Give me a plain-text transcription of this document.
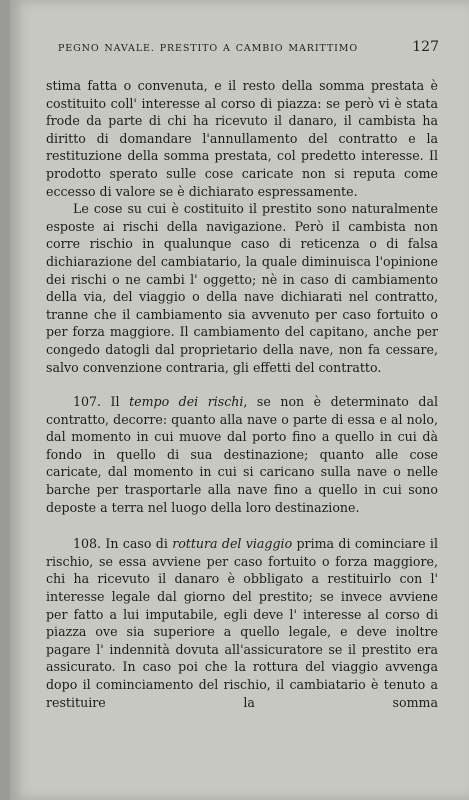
PEGNO NAVALE. PRESTITO A CAMBIO MARITTIMO	127

stima fatta o convenuta, e il resto della somma prestata è costituito coll' interesse al corso di piazza: se però vi è stata frode da parte di chi ha ricevuto il danaro, il cambista ha diritto di domandare l'annullamento del contratto e la restituzione della somma prestata, col predetto interesse. Il prodotto sperato sulle cose caricate non si reputa come eccesso di valore se è dichiarato espressamente.

Le cose su cui è costituito il prestito sono naturalmente esposte ai rischi della navigazione. Però il cambista non corre rischio in qualunque caso di reticenza o di falsa dichiarazione del cambiatario, la quale diminuisca l'opinione dei rischi o ne cambi l' oggetto; nè in caso di cambiamento della via, del viaggio o della nave dichiarati nel contratto, tranne che il cambiamento sia avvenuto per caso fortuito o per forza maggiore. Il cambiamento del capitano, anche per congedo datogli dal proprietario della nave, non fa cessare, salvo convenzione contraria, gli effetti del contratto.

107. Il tempo dei rischi, se non è determinato dal contratto, decorre: quanto alla nave o parte di essa e al nolo, dal momento in cui muove dal porto fino a quello in cui dà fondo in quello di sua destinazione; quanto alle cose caricate, dal momento in cui si caricano sulla nave o nelle barche per trasportarle alla nave fino a quello in cui sono deposte a terra nel luogo della loro destinazione.

108. In caso di rottura del viaggio prima di cominciare il rischio, se essa avviene per caso fortuito o forza maggiore, chi ha ricevuto il danaro è obbligato a restituirlo con l' interesse legale dal giorno del prestito; se invece avviene per fatto a lui imputabile, egli deve l' interesse al corso di piazza ove sia superiore a quello legale, e deve inoltre pagare l' indennità dovuta all'assicuratore se il prestito era assicurato. In caso poi che la rottura del viaggio avvenga dopo il cominciamento del rischio, il cambiatario è tenuto a restituire la somma
